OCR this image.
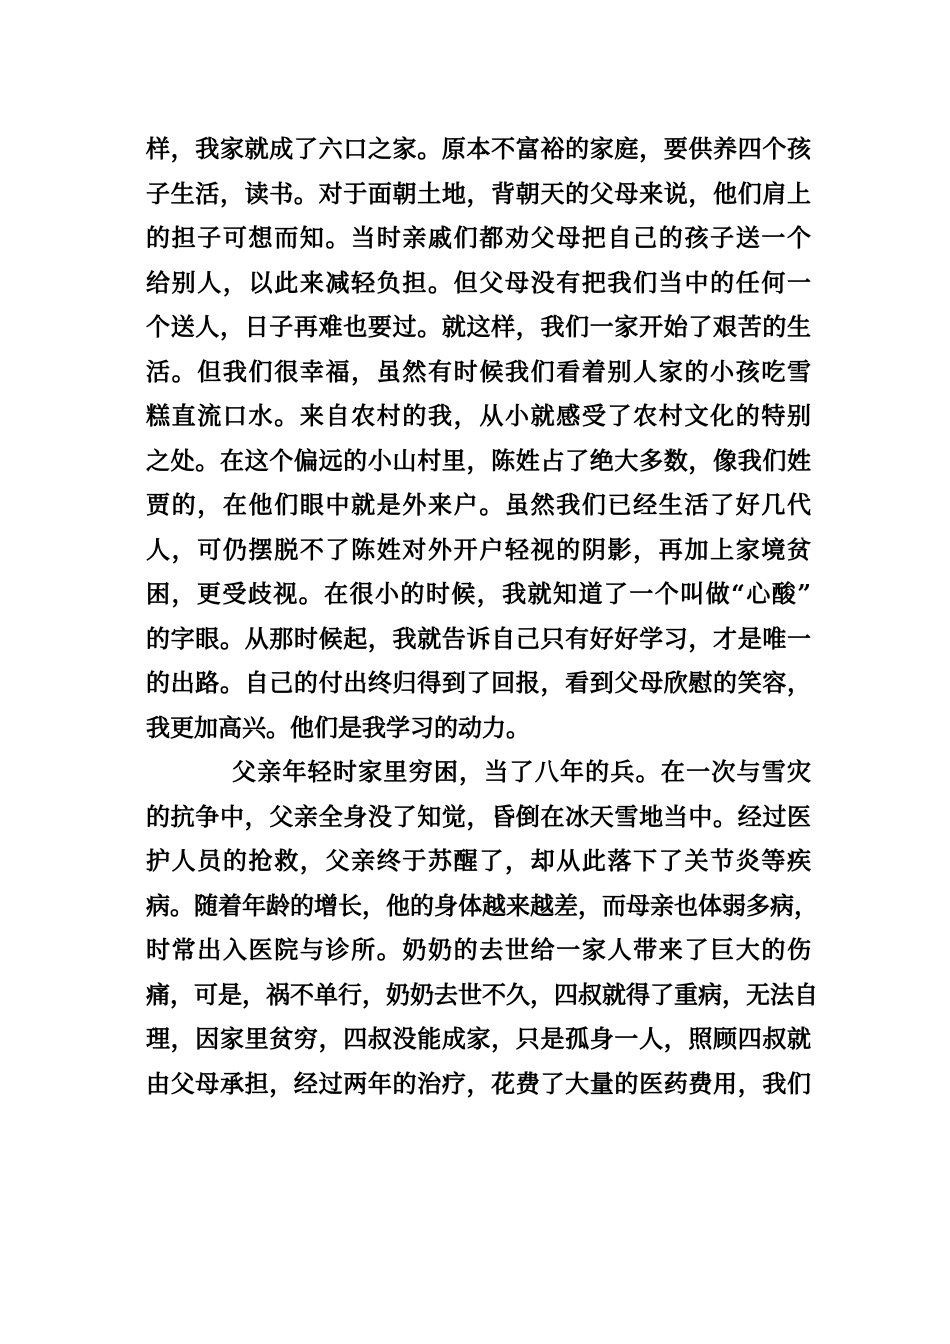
样，我家就成了六口之家。原本不富裕的家庭，要供养四个孩
子生活，读书。对于面朝土地，背朝天的父母来说，他们肩上
的担子可想而知。当时亲戚们都劝父母把自己的孩子送一个
给别人，以此来减轻负担。但父母没有把我们当中的任何一
个送人，日子再难也要过。就这样，我们一家开始了艰苦的生
活。但我们很幸福，虽然有时候我们看着别人家的小孩吃雪
糕直流口水。来自农村的我，从小就感受了农村文化的特别
之处。在这个偏远的小山村里，陈姓占了绝大多数，像我们姓
贾的，在他们眼中就是外来户。虽然我们已经生活了好几代
人，可仍摆脱不了陈姓对外开户轻视的阴影，再加上家境贫
困，更受歧视。在很小的时候，我就知道了一个叫做“心酸”
的字眼。从那时候起，我就告诉自己只有好好学习，才是唯一
的出路。自己的付出终归得到了回报，看到父母欣慰的笑容，
我更加高兴。他们是我学习的动力。
父亲年轻时家里穷困，当了八年的兵。在一次与雪灾
的抗争中，父亲全身没了知觉，昏倒在冰天雪地当中。经过医
护人员的抢救，父亲终于苏醒了，却从此落下了关节炎等疾
病。随着年龄的增长，他的身体越来越差，而母亲也体弱多病，
时常出入医院与诊所。奶奶的去世给一家人带来了巨大的伤
痛，可是，祸不单行，奶奶去世不久，四叔就得了重病，无法自
理，因家里贫穷，四叔没能成家，只是孤身一人，照顾四叔就
由父母承担，经过两年的治疗，花费了大量的医药费用，我们
